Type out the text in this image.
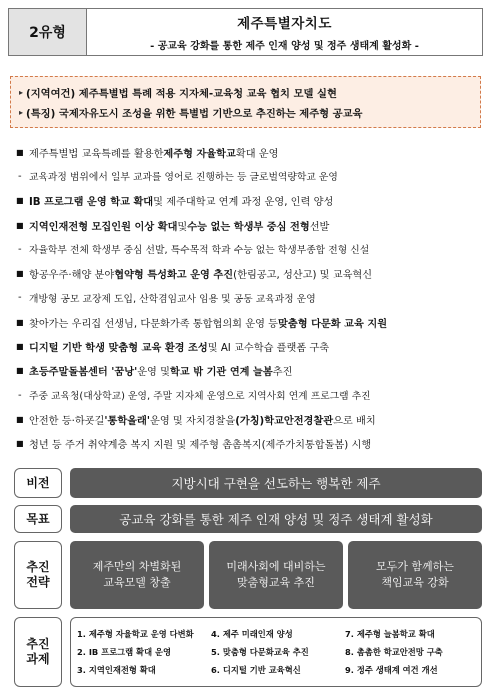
2유형
제주특별자치도
- 공교육 강화를 통한 제주 인재 양성 및 정주 생태계 활성화 -
▸ (지역여건) 제주특별법 특례 적용 지자체-교육청 교육 협치 모델 실현
▸ (특징) 국제자유도시 조성을 위한 특별법 기반으로 추진하는 제주형 공교육
■ 제주특별법 교육특례를 활용한 제주형 자율학교 확대 운영
- 교육과정 범위에서 일부 교과를 영어로 진행하는 등 글로벌역량학교 운영
■ IB 프로그램 운영 학교 확대 및 제주대학교 연계 과정 운영, 인력 양성
■ 지역인재전형 모집인원 이상 확대 및 수능 없는 학생부 중심 전형 선발
- 자율학부 전체 학생부 중심 선발, 특수목적 학과 수능 없는 학생부종합 전형 신설
■ 항공우주·해양 분야 협약형 특성화고 운영 추진 (한림공고, 성산고) 및 교육혁신
- 개방형 공모 교장제 도입, 산학겸임교사 임용 및 공동 교육과정 운영
■ 찾아가는 우리집 선생님, 다문화가족 통합협의회 운영 등 맞춤형 다문화 교육 지원
■ 디지털 기반 학생 맞춤형 교육 환경 조성 및 AI 교수학습 플랫폼 구축
■ 초등주말돌봄센터 '꿈낭' 운영 및 학교 밖 기관 연계 늘봄 추진
- 주중 교육청(대상학교) 운영, 주말 지자체 운영으로 지역사회 연계 프로그램 추진
■ 안전한 등·하굣길 '통학올래' 운영 및 자치경찰을 (가칭)학교안전경찰관 으로 배치
■ 청년 등 주거 취약계층 복지 지원 및 제주형 촘촘복지(제주가치통합돌봄) 시행
비전	지방시대 구현을 선도하는 행복한 제주
목표	공교육 강화를 통한 제주 인재 양성 및 정주 생태계 활성화
추진
전략
제주만의 차별화된
교육모델 창출
미래사회에 대비하는
맞춤형교육 추진
모두가 함께하는
책임교육 강화
추진
과제
1. 제주형 자율학교 운영 다변화
2. IB 프로그램 확대 운영
3. 지역인재전형 확대
4. 제주 미래인재 양성
5. 맞춤형 다문화교육 추진
6. 디지털 기반 교육혁신
7. 제주형 늘봄학교 확대
8. 촘촘한 학교안전망 구축
9. 정주 생태계 여건 개선
